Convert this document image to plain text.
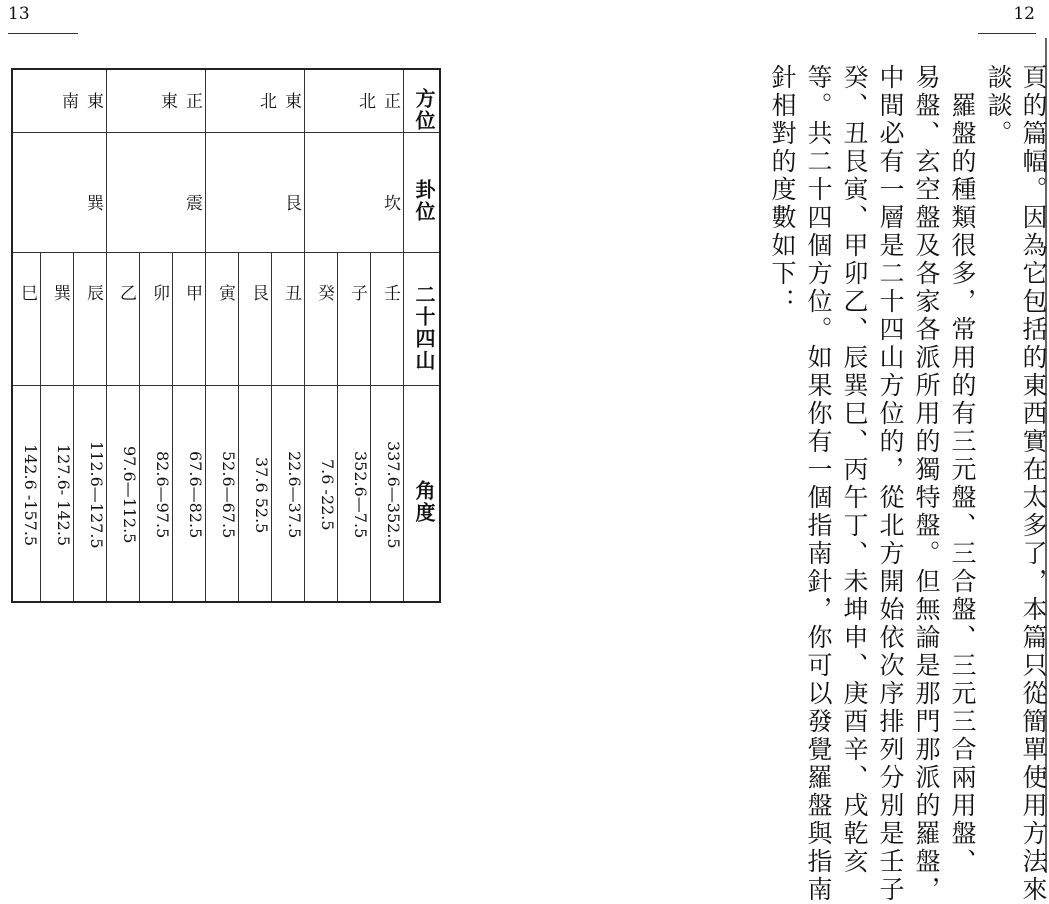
13	12
方位
卦位
二十四山
角度
正北
坎
壬
337.6—352.5
子
352.6—7.5
癸
7.6 -22.5
東北
艮
丑
22.6—37.5
艮
37.6 52.5
寅
52.6—67.5
正東
震
甲
67.6—82.5
卯
82.6—97.5
乙
97.6—112.5
東南
巽
辰
112.6—127.5
巽
127.6- 142.5
巳
142.6 -157.5	頁的篇幅。因為它包括的東西實在太多了，本篇只從簡單使用方法來
談談。
　羅盤的種類很多，常用的有三元盤、三合盤、三元三合兩用盤、
易盤、玄空盤及各家各派所用的獨特盤。但無論是那門那派的羅盤，
中間必有一層是二十四山方位的，從北方開始依次序排列分別是壬子
癸、丑艮寅、甲卯乙、辰巽巳、丙午丁、未坤申、庚酉辛、戌乾亥
等。共二十四個方位。如果你有一個指南針，你可以發覺羅盤與指南
針相對的度數如下：
